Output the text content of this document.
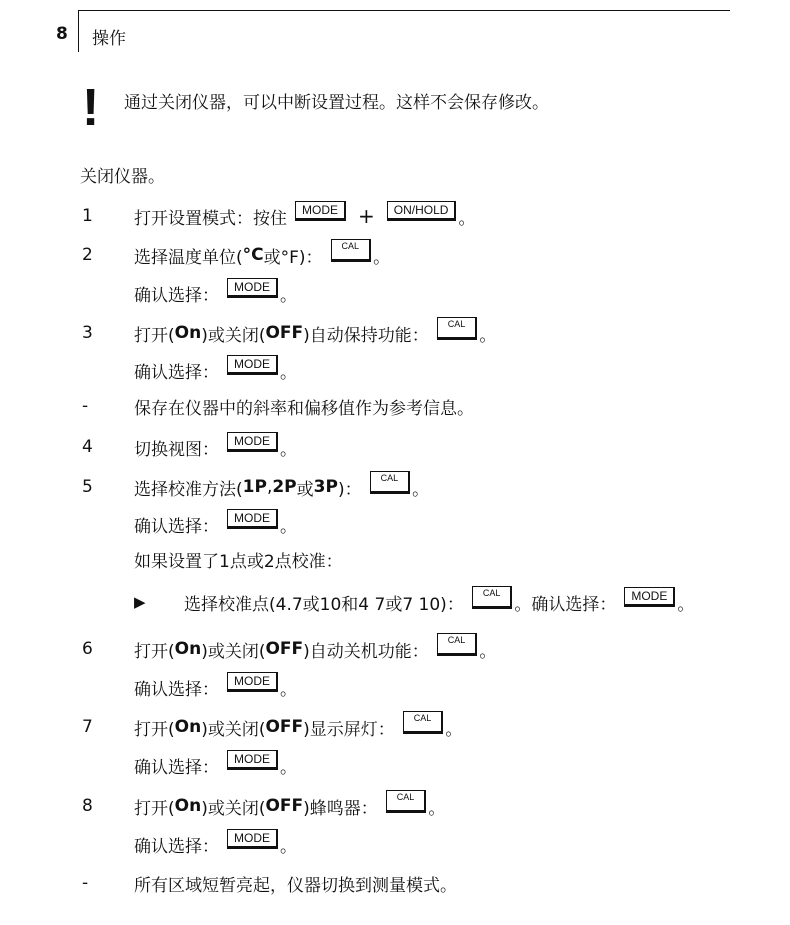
8 操作
! 通过关闭仪器，可以中断设置过程。这样不会保存修改。
关闭仪器。
1	打开设置模式：按住	MODE	+	ON/HOLD 。
2	选择温度单位( °C 或°F)：
CAL
。
确认选择：	MODE 。
3	打开( On )或关闭( OFF )自动保持功能：
CAL
。
确认选择：	MODE 。
-	保存在仪器中的斜率和偏移值作为参考信息。
4	切换视图：	MODE 。
5	选择校准方法( 1P , 2P 或 3P )：
CAL
。
确认选择：	MODE 。
如果设置了1点或2点校准：
▶ 选择校准点(4.7或10和4 7或7 10)：
CAL
。确认选择：	MODE 。
6	打开( On )或关闭( OFF )自动关机功能：
CAL
。
确认选择：	MODE 。
7	打开( On )或关闭( OFF )显示屏灯：
CAL
。
确认选择：	MODE 。
8	打开( On )或关闭( OFF )蜂鸣器：
CAL
。
确认选择：	MODE 。
-	所有区域短暂亮起，仪器切换到测量模式。
